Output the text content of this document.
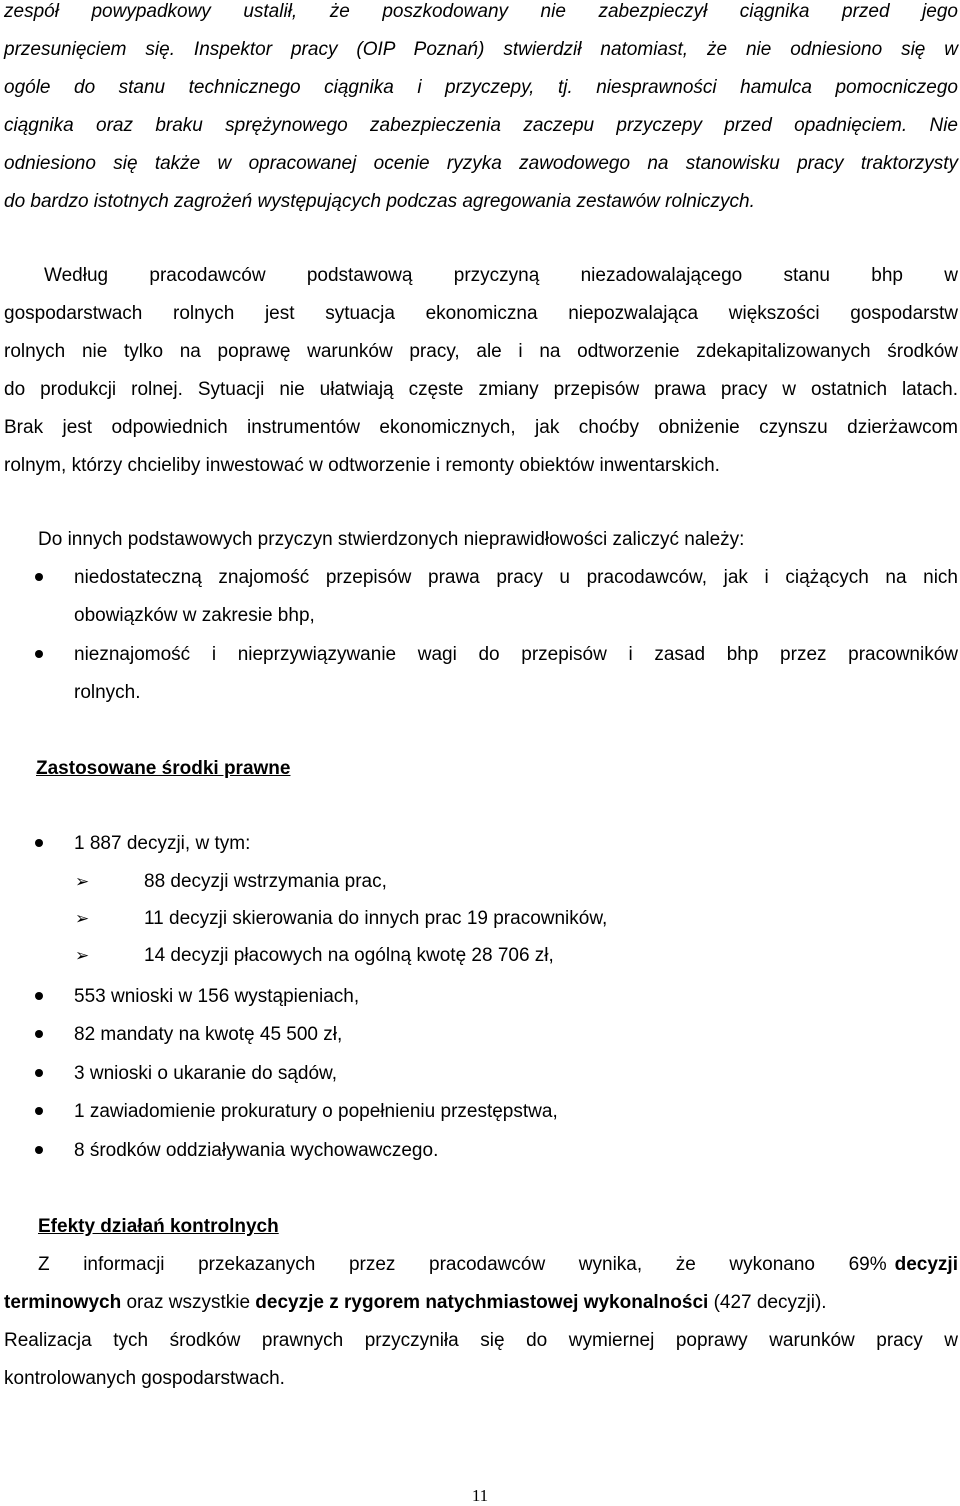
zespół powypadkowy ustalił, że poszkodowany nie zabezpieczył ciągnika przed jego
przesunięciem się. Inspektor pracy (OIP Poznań) stwierdził natomiast, że nie odniesiono się w
ogóle do stanu technicznego ciągnika i przyczepy, tj. niesprawności hamulca pomocniczego
ciągnika oraz braku sprężynowego zabezpieczenia zaczepu przyczepy przed opadnięciem. Nie
odniesiono się także w opracowanej ocenie ryzyka zawodowego na stanowisku pracy traktorzysty
do bardzo istotnych zagrożeń występujących podczas agregowania zestawów rolniczych.
Według pracodawców podstawową przyczyną niezadowalającego stanu bhp w
gospodarstwach rolnych jest sytuacja ekonomiczna niepozwalająca większości gospodarstw
rolnych nie tylko na poprawę warunków pracy, ale i na odtworzenie zdekapitalizowanych środków
do produkcji rolnej. Sytuacji nie ułatwiają częste zmiany przepisów prawa pracy w ostatnich latach.
Brak jest odpowiednich instrumentów ekonomicznych, jak choćby obniżenie czynszu dzierżawcom
rolnym, którzy chcieliby inwestować w odtworzenie i remonty obiektów inwentarskich.
Do innych podstawowych przyczyn stwierdzonych nieprawidłowości zaliczyć należy:
niedostateczną znajomość przepisów prawa pracy u pracodawców, jak i ciążących na nich
obowiązków w zakresie bhp,
nieznajomość i nieprzywiązywanie wagi do przepisów i zasad bhp przez pracowników
rolnych.
Zastosowane środki prawne
1 887 decyzji, w tym:
➢	88 decyzji wstrzymania prac,
➢	11 decyzji skierowania do innych prac 19 pracowników,
➢	14 decyzji płacowych na ogólną kwotę 28 706 zł,
553 wnioski w 156 wystąpieniach,
82 mandaty na kwotę 45 500 zł,
3 wnioski o ukaranie do sądów,
1 zawiadomienie prokuratury o popełnieniu przestępstwa,
8 środków oddziaływania wychowawczego.
Efekty działań kontrolnych
Z informacji przekazanych przez pracodawców wynika, że wykonano 69% decyzji
terminowych oraz wszystkie decyzje z rygorem natychmiastowej wykonalności (427 decyzji).
Realizacja tych środków prawnych przyczyniła się do wymiernej poprawy warunków pracy w
kontrolowanych gospodarstwach.
11
